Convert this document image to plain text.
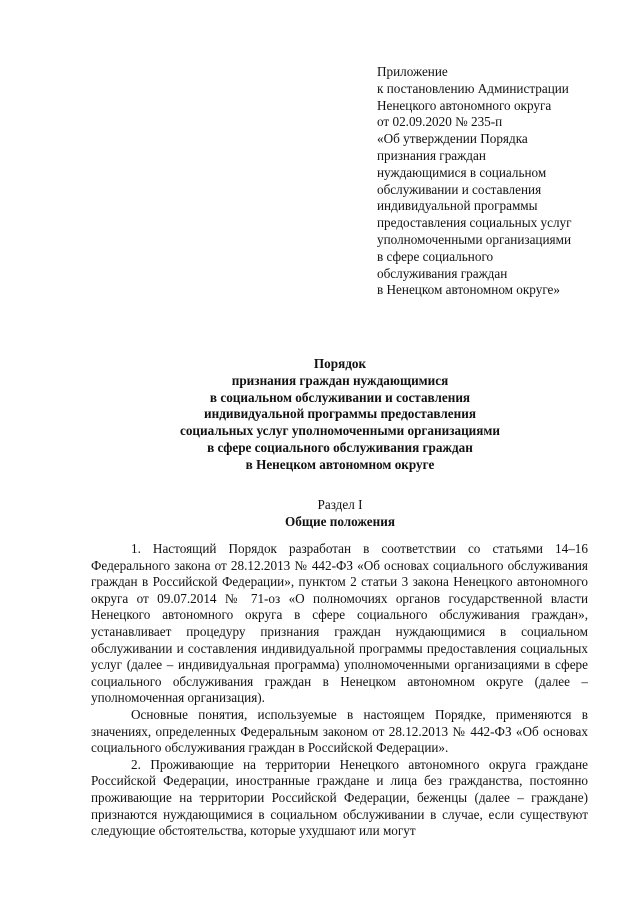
Приложение
к постановлению Администрации
Ненецкого автономного округа
от 02.09.2020 № 235-п
«Об утверждении Порядка
признания граждан
нуждающимися в социальном
обслуживании и составления
индивидуальной программы
предоставления социальных услуг
уполномоченными организациями
в сфере социального
обслуживания граждан
в Ненецком автономном округе»
Порядок
признания граждан нуждающимися
в социальном обслуживании и составления
индивидуальной программы предоставления
социальных услуг уполномоченными организациями
в сфере социального обслуживания граждан
в Ненецком автономном округе
Раздел I
Общие положения

1. Настоящий Порядок разработан в соответствии со статьями 14–16 Федерального закона от 28.12.2013 № 442-ФЗ «Об основах социального обслуживания граждан в Российской Федерации», пунктом 2 статьи 3 закона Ненецкого автономного округа от 09.07.2014 № 71-оз «О полномочиях органов государственной власти Ненецкого автономного округа в сфере социального обслуживания граждан», устанавливает процедуру признания граждан нуждающимися в социальном обслуживании и составления индивидуальной программы предоставления социальных услуг (далее – индивидуальная программа) уполномоченными организациями в сфере социального обслуживания граждан в Ненецком автономном округе (далее – уполномоченная организация).

Основные понятия, используемые в настоящем Порядке, применяются в значениях, определенных Федеральным законом от 28.12.2013 № 442-ФЗ «Об основах социального обслуживания граждан в Российской Федерации».

2. Проживающие на территории Ненецкого автономного округа граждане Российской Федерации, иностранные граждане и лица без гражданства, постоянно проживающие на территории Российской Федерации, беженцы (далее – граждане) признаются нуждающимися в социальном обслуживании в случае, если существуют следующие обстоятельства, которые ухудшают или могут
